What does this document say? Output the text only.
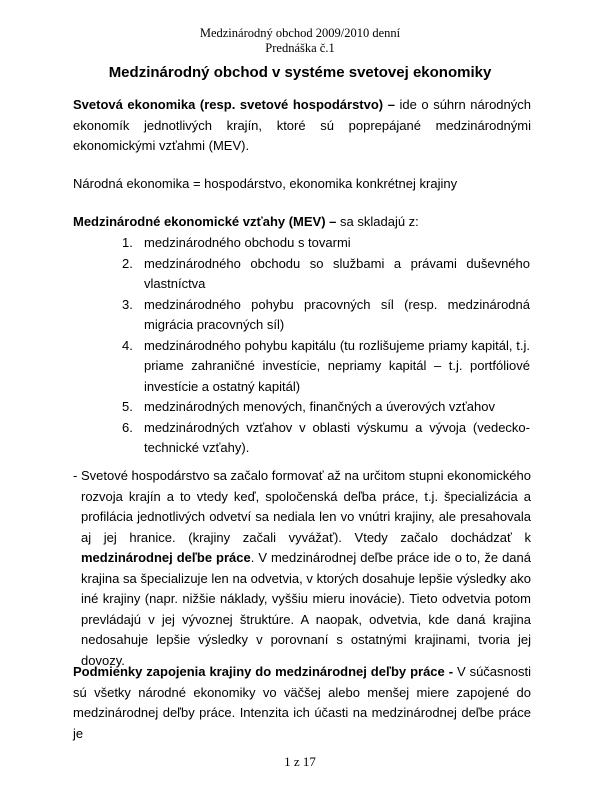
Medzinárodný obchod 2009/2010 denní
Prednáška č.1
Medzinárodný obchod v systéme svetovej ekonomiky
Svetová ekonomika (resp. svetové hospodárstvo) – ide o súhrn národných ekonomík jednotlivých krajín, ktoré sú poprepájané medzinárodnými ekonomickými vzťahmi (MEV).
Národná ekonomika = hospodárstvo, ekonomika konkrétnej krajiny
Medzinárodné ekonomické vzťahy (MEV) – sa skladajú z:
1. medzinárodného obchodu s tovarmi
2. medzinárodného obchodu so službami a právami duševného vlastníctva
3. medzinárodného pohybu pracovných síl (resp. medzinárodná migrácia pracovných síl)
4. medzinárodného pohybu kapitálu (tu rozlišujeme priamy kapitál, t.j. priame zahraničné investície, nepriamy kapitál – t.j. portfóliové investície a ostatný kapitál)
5. medzinárodných menových, finančných a úverových vzťahov
6. medzinárodných vzťahov v oblasti výskumu a vývoja (vedecko-technické vzťahy).
- Svetové hospodárstvo sa začalo formovať až na určitom stupni ekonomického rozvoja krajín a to vtedy keď, spoločenská deľba práce, t.j. špecializácia a profilácia jednotlivých odvetví sa nediala len vo vnútri krajiny, ale presahovala aj jej hranice. (krajiny začali vyvážať). Vtedy začalo dochádzať k medzinárodnej deľbe práce. V medzinárodnej deľbe práce ide o to, že daná krajina sa špecializuje len na odvetvia, v ktorých dosahuje lepšie výsledky ako iné krajiny (napr. nižšie náklady, vyššiu mieru inovácie). Tieto odvetvia potom prevládajú v jej vývoznej štruktúre. A naopak, odvetvia, kde daná krajina nedosahuje lepšie výsledky v porovnaní s ostatnými krajinami, tvoria jej dovozy.
Podmienky zapojenia krajiny do medzinárodnej deľby práce - V súčasnosti sú všetky národné ekonomiky vo väčšej alebo menšej miere zapojené do medzinárodnej deľby práce. Intenzita ich účasti na medzinárodnej deľbe práce je
1 z 17
